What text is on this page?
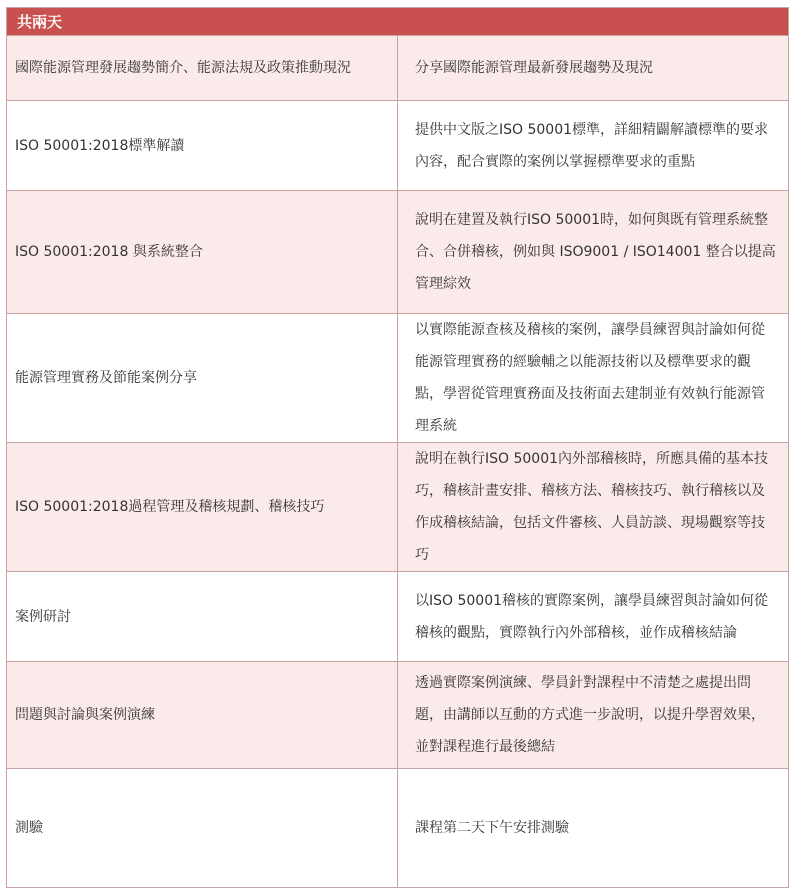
共兩天	
國際能源管理發展趨勢簡介、能源法規及政策推動現況	分享國際能源管理最新發展趨勢及現況
ISO 50001:2018標準解讀	提供中文版之ISO 50001標準，詳細精闢解讀標準的要求內容，配合實際的案例以掌握標準要求的重點
ISO 50001:2018 與系統整合	說明在建置及執行ISO 50001時，如何與既有管理系統整合、合併稽核，例如與 ISO9001 / ISO14001 整合以提高管理綜效
能源管理實務及節能案例分享	以實際能源查核及稽核的案例，讓學員練習與討論如何從能源管理實務的經驗輔之以能源技術以及標準要求的觀點，學習從管理實務面及技術面去建制並有效執行能源管理系統
ISO 50001:2018過程管理及稽核規劃、稽核技巧	說明在執行ISO 50001內外部稽核時，所應具備的基本技巧，稽核計畫安排、稽核方法、稽核技巧、執行稽核以及作成稽核結論，包括文件審核、人員訪談、現場觀察等技巧
案例研討	以ISO 50001稽核的實際案例，讓學員練習與討論如何從稽核的觀點，實際執行內外部稽核，並作成稽核結論
問題與討論與案例演練	透過實際案例演練、學員針對課程中不清楚之處提出問題，由講師以互動的方式進一步說明，以提升學習效果，並對課程進行最後總結
測驗	課程第二天下午安排測驗
